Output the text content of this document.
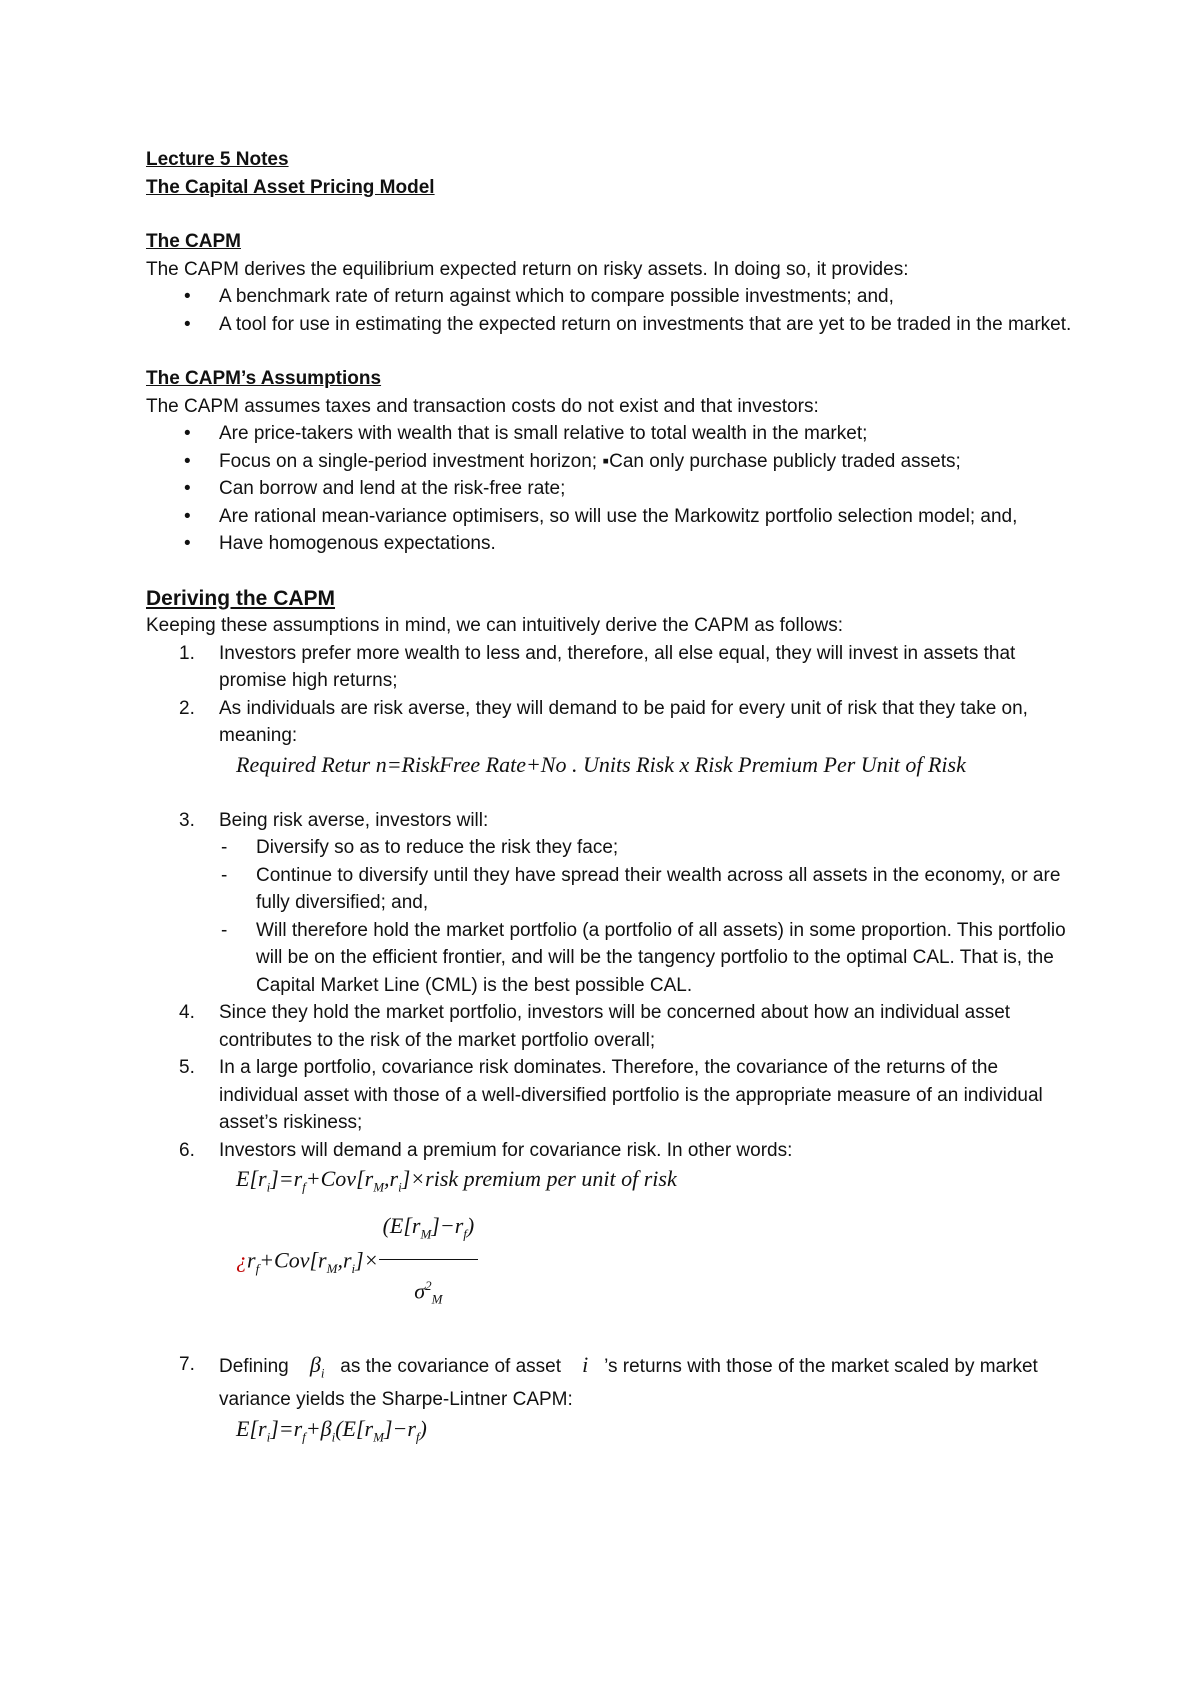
Lecture 5 Notes

The Capital Asset Pricing Model

The CAPM

The CAPM derives the equilibrium expected return on risky assets. In doing so, it provides:

• A benchmark rate of return against which to compare possible investments; and,
• A tool for use in estimating the expected return on investments that are yet to be traded in the market.

The CAPM’s Assumptions

The CAPM assumes taxes and transaction costs do not exist and that investors:

• Are price-takers with wealth that is small relative to total wealth in the market;
• Focus on a single-period investment horizon; ▪Can only purchase publicly traded assets;
• Can borrow and lend at the risk-free rate;
• Are rational mean-variance optimisers, so will use the Markowitz portfolio selection model; and,
• Have homogenous expectations.

Deriving the CAPM

Keeping these assumptions in mind, we can intuitively derive the CAPM as follows:

1. Investors prefer more wealth to less and, therefore, all else equal, they will invest in assets that promise high returns;
2. As individuals are risk averse, they will demand to be paid for every unit of risk that they take on, meaning:
Required Retur n=RiskFree Rate+No . Units Risk x Risk Premium Per Unit of Risk
3. Being risk averse, investors will:
- Diversify so as to reduce the risk they face;
- Continue to diversify until they have spread their wealth across all assets in the economy, or are fully diversified; and,
- Will therefore hold the market portfolio (a portfolio of all assets) in some proportion. This portfolio will be on the efficient frontier, and will be the tangency portfolio to the optimal CAL. That is, the Capital Market Line (CML) is the best possible CAL.
4. Since they hold the market portfolio, investors will be concerned about how an individual asset contributes to the risk of the market portfolio overall;
5. In a large portfolio, covariance risk dominates. Therefore, the covariance of the returns of the individual asset with those of a well-diversified portfolio is the appropriate measure of an individual asset’s riskiness;
6. Investors will demand a premium for covariance risk. In other words:
$E[r_i]=r_f+Cov[r_M,r_i]\times risk$ premium per unit of risk
¿$r_f+Cov[r_M,r_i]\times \frac{(E[r_M]-r_f)}{\sigma^2_M}$
7. Defining $\beta_i$ as the covariance of asset i ’s returns with those of the market scaled by market variance yields the Sharpe-Lintner CAPM:
$E[r_i]=r_f+\beta_i(E[r_M]-r_f)$
